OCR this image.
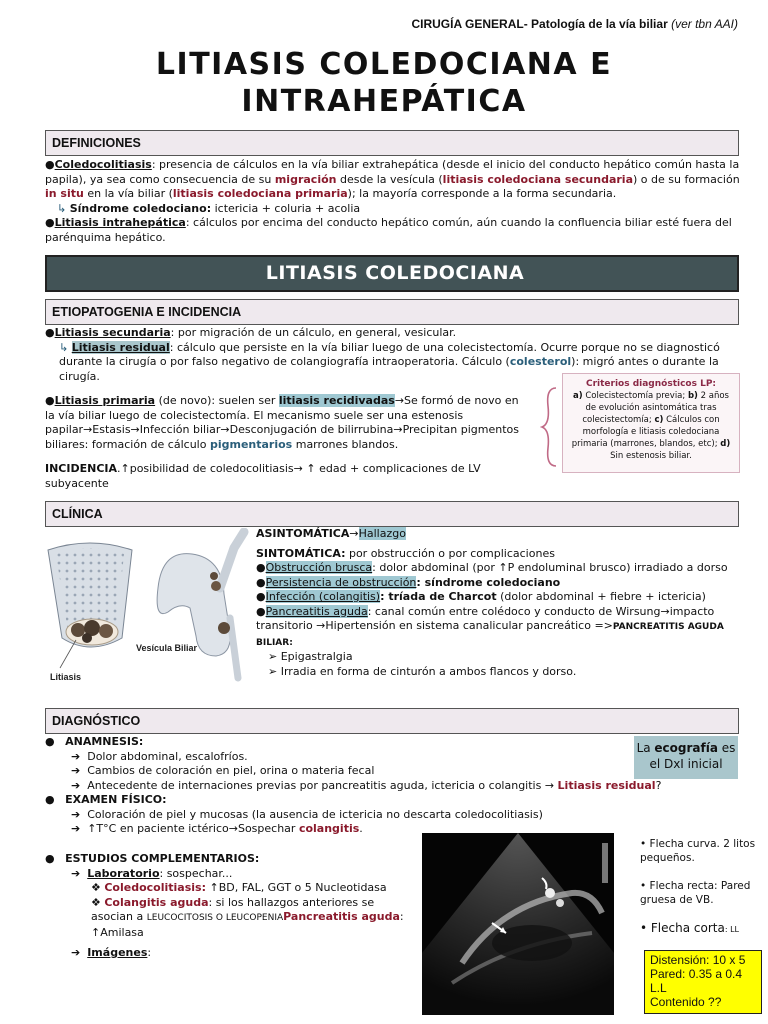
CIRUGÍA GENERAL- Patología de la vía biliar (ver tbn AAI)
LITIASIS COLEDOCIANA E
INTRAHEPÁTICA
DEFINICIONES
●Coledocolitiasis: presencia de cálculos en la vía biliar extrahepática (desde el inicio del conducto hepático común hasta la papila), ya sea como consecuencia de su migración desde la vesícula (litiasis coledociana secundaria) o de su formación in situ en la vía biliar (litiasis coledociana primaria); la mayoría corresponde a la forma secundaria.
↳ Síndrome coledociano: ictericia + coluria + acolia
●Litiasis intrahepática: cálculos por encima del conducto hepático común, aún cuando la confluencia biliar esté fuera del parénquima hepático.
LITIASIS COLEDOCIANA
ETIOPATOGENIA E INCIDENCIA
●Litiasis secundaria: por migración de un cálculo, en general, vesicular.
↳ Litiasis residual: cálculo que persiste en la vía biliar luego de una colecistectomía. Ocurre porque no se diagnosticó durante la cirugía o por falso negativo de colangiografía intraoperatoria. Cálculo (colesterol): migró antes o durante la cirugía.
●Litiasis primaria (de novo): suelen ser litiasis recidivadas→Se formó de novo en la vía biliar luego de colecistectomía. El mecanismo suele ser una estenosis papilar→Estasis→Infección biliar→Desconjugación de bilirrubina→Precipitan pigmentos biliares: formación de cálculo pigmentarios marrones blandos.
Criterios diagnósticos LP:
a) Colecistectomía previa; b) 2 años de evolución asintomática tras colecistectomía; c) Cálculos con morfología e litiasis coledociana primaria (marrones, blandos, etc); d) Sin estenosis biliar.
INCIDENCIA.↑posibilidad de coledocolitiasis→ ↑ edad + complicaciones de LV subyacente
CLÍNICA
Litiasis
Vesícula Biliar
ASINTOMÁTICA→Hallazgo
SINTOMÁTICA: por obstrucción o por complicaciones
●Obstrucción brusca: dolor abdominal (por ↑P endoluminal brusco) irradiado a dorso
●Persistencia de obstrucción: síndrome coledociano
●Infección (colangitis): tríada de Charcot (dolor abdominal + fiebre + ictericia)
●Pancreatitis aguda: canal común entre colédoco y conducto de Wirsung→impacto transitorio →Hipertensión en sistema canalicular pancreático =>PANCREATITIS AGUDA BILIAR:
➢ Epigastralgia
➢ Irradia en forma de cinturón a ambos flancos y dorso.
DIAGNÓSTICO
●   ANAMNESIS:
➔  Dolor abdominal, escalofríos.
➔  Cambios de coloración en piel, orina o materia fecal
➔  Antecedente de internaciones previas por pancreatitis aguda, ictericia o colangitis → Litiasis residual?
●   EXAMEN FÍSICO:
➔  Coloración de piel y mucosas (la ausencia de ictericia no descarta coledocolitiasis)
➔  ↑T°C en paciente ictérico→Sospechar colangitis.
●   ESTUDIOS COMPLEMENTARIOS:
➔  Laboratorio: sospechar...
❖ Coledocolitiasis: ↑BD, FAL, GGT o 5 Nucleotidasa
❖ Colangitis aguda: si los hallazgos anteriores se asocian a LEUCOCITOSIS O LEUCOPENIAPancreatitis aguda: ↑Amilasa
➔  Imágenes:
La ecografía es el DxI inicial
• Flecha curva. 2 litos pequeños.
• Flecha recta: Pared gruesa de VB.
• Flecha corta: LL
Distensión: 10 x 5
Pared: 0.35 a 0.4
L.L
Contenido ??
